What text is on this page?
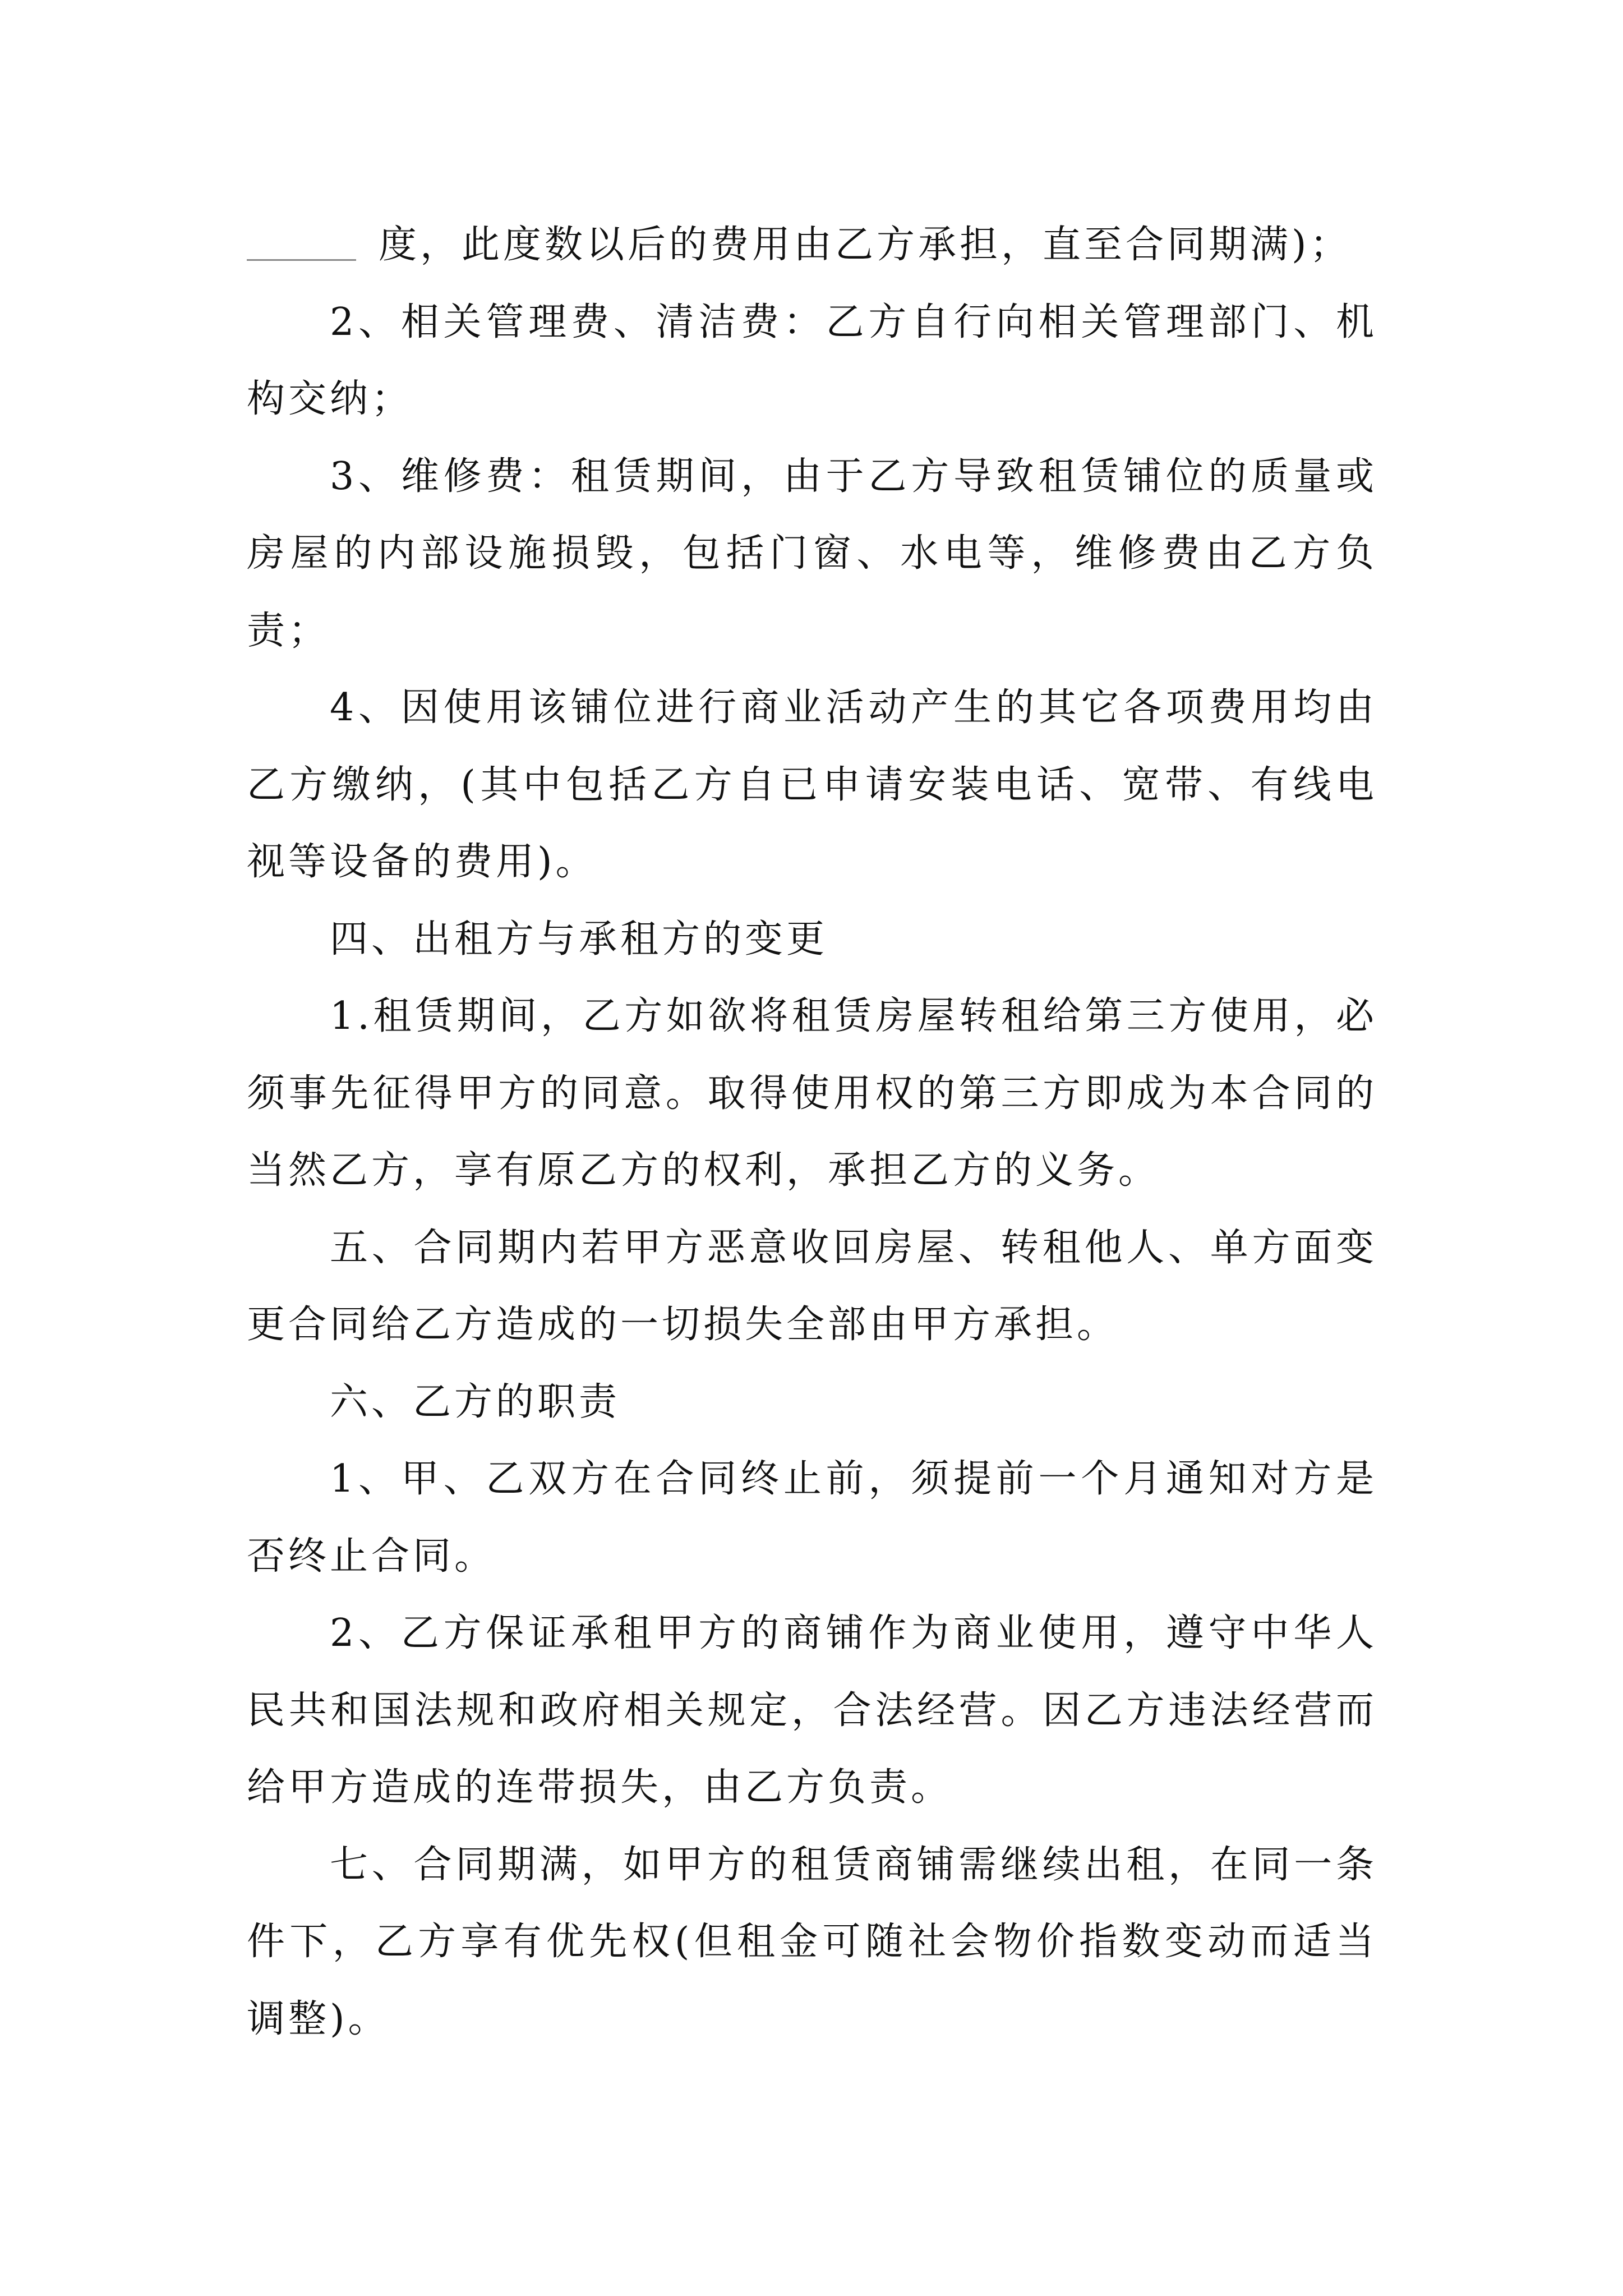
度，此度数以后的费用由乙方承担，直至合同期满)；

2、相关管理费、清洁费：乙方自行向相关管理部门、机构交纳；

3、维修费：租赁期间，由于乙方导致租赁铺位的质量或房屋的内部设施损毁，包括门窗、水电等，维修费由乙方负责；

4、因使用该铺位进行商业活动产生的其它各项费用均由乙方缴纳，(其中包括乙方自已申请安装电话、宽带、有线电视等设备的费用)。

四、出租方与承租方的变更

1.租赁期间，乙方如欲将租赁房屋转租给第三方使用，必须事先征得甲方的同意。取得使用权的第三方即成为本合同的当然乙方，享有原乙方的权利，承担乙方的义务。

五、合同期内若甲方恶意收回房屋、转租他人、单方面变更合同给乙方造成的一切损失全部由甲方承担。

六、乙方的职责

1、甲、乙双方在合同终止前，须提前一个月通知对方是否终止合同。

2、乙方保证承租甲方的商铺作为商业使用，遵守中华人民共和国法规和政府相关规定，合法经营。因乙方违法经营而给甲方造成的连带损失，由乙方负责。

七、合同期满，如甲方的租赁商铺需继续出租，在同一条件下，乙方享有优先权(但租金可随社会物价指数变动而适当调整)。
